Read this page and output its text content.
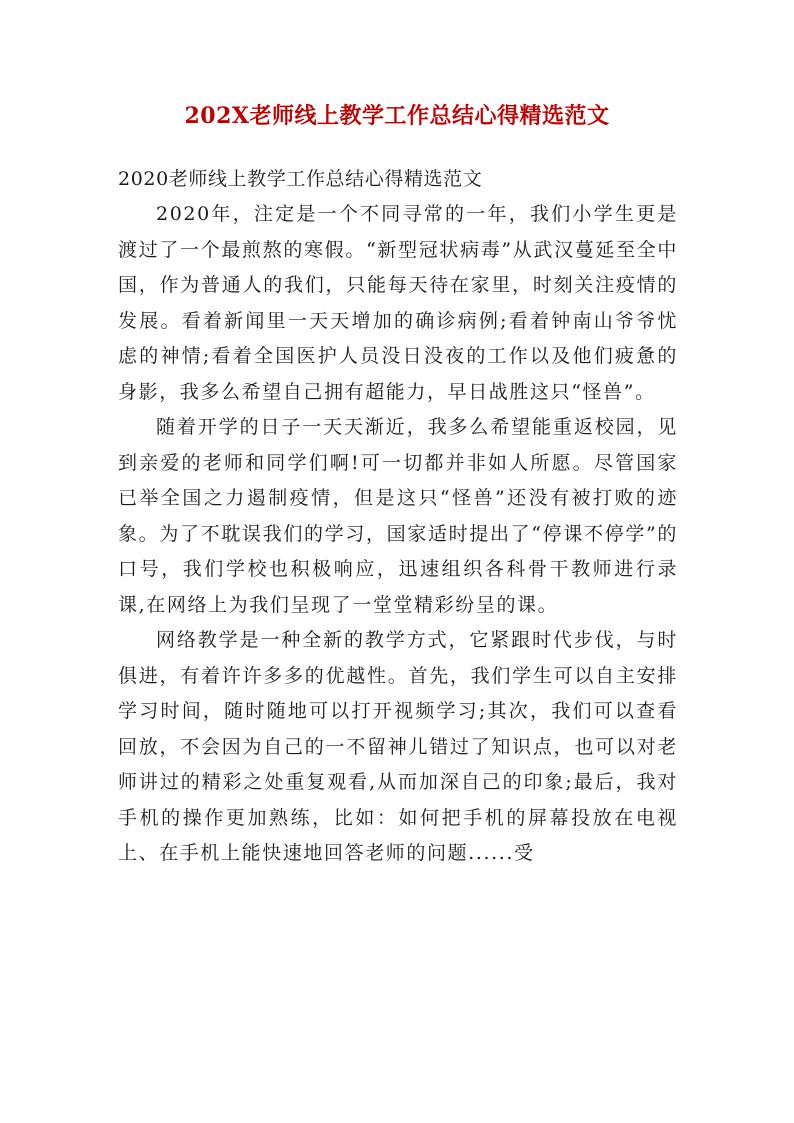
202X老师线上教学工作总结心得精选范文
2020老师线上教学工作总结心得精选范文

2020年，注定是一个不同寻常的一年，我们小学生更是渡过了一个最煎熬的寒假。“新型冠状病毒”从武汉蔓延至全中国，作为普通人的我们，只能每天待在家里，时刻关注疫情的发展。看着新闻里一天天增加的确诊病例;看着钟南山爷爷忧虑的神情;看着全国医护人员没日没夜的工作以及他们疲惫的身影，我多么希望自己拥有超能力，早日战胜这只“怪兽”。

随着开学的日子一天天渐近，我多么希望能重返校园，见到亲爱的老师和同学们啊!可一切都并非如人所愿。尽管国家已举全国之力遏制疫情，但是这只“怪兽”还没有被打败的迹象。为了不耽误我们的学习，国家适时提出了“停课不停学”的口号，我们学校也积极响应，迅速组织各科骨干教师进行录课,在网络上为我们呈现了一堂堂精彩纷呈的课。

网络教学是一种全新的教学方式，它紧跟时代步伐，与时俱进，有着许许多多的优越性。首先，我们学生可以自主安排学习时间，随时随地可以打开视频学习;其次，我们可以查看回放，不会因为自己的一不留神儿错过了知识点，也可以对老师讲过的精彩之处重复观看,从而加深自己的印象;最后，我对手机的操作更加熟练，比如：如何把手机的屏幕投放在电视上、在手机上能快速地回答老师的问题......受
